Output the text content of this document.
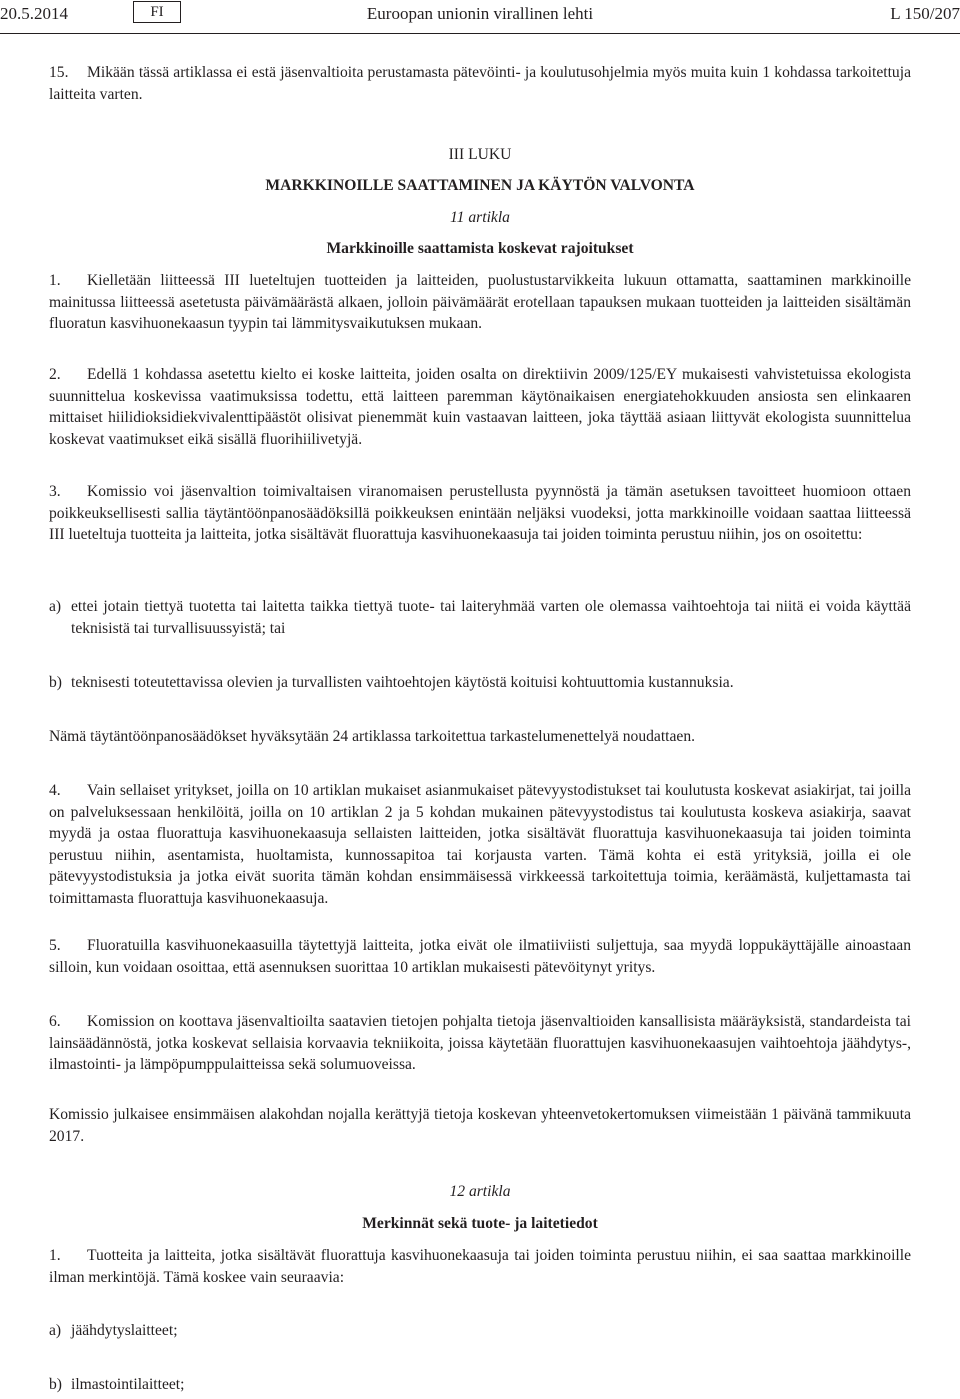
20.5.2014	FI	Euroopan unionin virallinen lehti	L 150/207
15. Mikään tässä artiklassa ei estä jäsenvaltioita perustamasta pätevöinti- ja koulutusohjelmia myös muita kuin 1 kohdassa tarkoitettuja laitteita varten.
III LUKU
MARKKINOILLE SAATTAMINEN JA KÄYTÖN VALVONTA
11 artikla
Markkinoille saattamista koskevat rajoitukset
1. Kielletään liitteessä III lueteltujen tuotteiden ja laitteiden, puolustustarvikkeita lukuun ottamatta, saattaminen markkinoille mainitussa liitteessä asetetusta päivämäärästä alkaen, jolloin päivämäärät erotellaan tapauksen mukaan tuotteiden ja laitteiden sisältämän fluoratun kasvihuonekaasun tyypin tai lämmitysvaikutuksen mukaan.
2. Edellä 1 kohdassa asetettu kielto ei koske laitteita, joiden osalta on direktiivin 2009/125/EY mukaisesti vahvistetuissa ekologista suunnittelua koskevissa vaatimuksissa todettu, että laitteen paremman käytönaikaisen energiatehokkuuden ansiosta sen elinkaaren mittaiset hiilidioksidiekvivalenttipäästöt olisivat pienemmät kuin vastaavan laitteen, joka täyttää asiaan liittyvät ekologista suunnittelua koskevat vaatimukset eikä sisällä fluorihiilivetyjä.
3. Komissio voi jäsenvaltion toimivaltaisen viranomaisen perustellusta pyynnöstä ja tämän asetuksen tavoitteet huomioon ottaen poikkeuksellisesti sallia täytäntöönpanosäädöksillä poikkeuksen enintään neljäksi vuodeksi, jotta markkinoille voidaan saattaa liitteessä III lueteltuja tuotteita ja laitteita, jotka sisältävät fluorattuja kasvihuonekaasuja tai joiden toiminta perustuu niihin, jos on osoitettu:
a) ettei jotain tiettyä tuotetta tai laitetta taikka tiettyä tuote- tai laiteryhmää varten ole olemassa vaihtoehtoja tai niitä ei voida käyttää teknisistä tai turvallisuussyistä; tai
b) teknisesti toteutettavissa olevien ja turvallisten vaihtoehtojen käytöstä koituisi kohtuuttomia kustannuksia.
Nämä täytäntöönpanosäädökset hyväksytään 24 artiklassa tarkoitettua tarkastelumenettelyä noudattaen.
4. Vain sellaiset yritykset, joilla on 10 artiklan mukaiset asianmukaiset pätevyystodistukset tai koulutusta koskevat asiakirjat, tai joilla on palveluksessaan henkilöitä, joilla on 10 artiklan 2 ja 5 kohdan mukainen pätevyystodistus tai koulutusta koskeva asiakirja, saavat myydä ja ostaa fluorattuja kasvihuonekaasuja sellaisten laitteiden, jotka sisältävät fluorattuja kasvihuonekaasuja tai joiden toiminta perustuu niihin, asentamista, huoltamista, kunnossapitoa tai korjausta varten. Tämä kohta ei estä yrityksiä, joilla ei ole pätevyystodistuksia ja jotka eivät suorita tämän kohdan ensimmäisessä virkkeessä tarkoitettuja toimia, keräämästä, kuljettamasta tai toimittamasta fluorattuja kasvihuonekaasuja.
5. Fluoratuilla kasvihuonekaasuilla täytettyjä laitteita, jotka eivät ole ilmatiiviisti suljettuja, saa myydä loppukäyttäjälle ainoastaan silloin, kun voidaan osoittaa, että asennuksen suorittaa 10 artiklan mukaisesti pätevöitynyt yritys.
6. Komission on koottava jäsenvaltioilta saatavien tietojen pohjalta tietoja jäsenvaltioiden kansallisista määräyksistä, standardeista tai lainsäädännöstä, jotka koskevat sellaisia korvaavia tekniikoita, joissa käytetään fluorattujen kasvihuonekaasujen vaihtoehtoja jäähdytys-, ilmastointi- ja lämpöpumppulaitteissa sekä solumuoveissa.
Komissio julkaisee ensimmäisen alakohdan nojalla kerättyjä tietoja koskevan yhteenvetokertomuksen viimeistään 1 päivänä tammikuuta 2017.
12 artikla
Merkinnät sekä tuote- ja laitetiedot
1. Tuotteita ja laitteita, jotka sisältävät fluorattuja kasvihuonekaasuja tai joiden toiminta perustuu niihin, ei saa saattaa markkinoille ilman merkintöjä. Tämä koskee vain seuraavia:
a) jäähdytyslaitteet;
b) ilmastointilaitteet;
